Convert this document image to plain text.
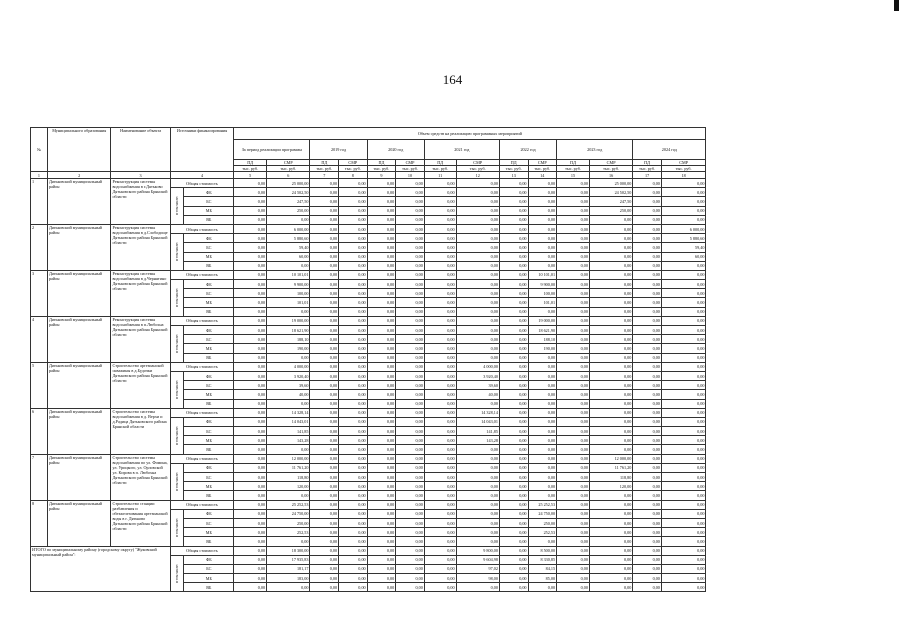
164
№	Муниципального образования	Наименование объекта	Источники финансирования		Объем средств на реализацию программных мероприятий													
					За период реализации программы		2019 год		2020 год		2021 год		2022 год		2023 год		2024 год	
					ПД	СМР	ПД	СМР	ПД	СМР	ПД	СМР	ПД	СМР	ПД	СМР	ПД	СМР
					тыс. руб.	тыс. руб.	тыс. руб.	тыс. руб.	тыс. руб.	тыс. руб.	тыс. руб.	тыс. руб.	тыс. руб.	тыс. руб.	тыс. руб.	тыс. руб.	тыс. руб.	тыс. руб.
1	2	3	4		5	6	7	8	9	10	11	12	13	14	15	16	17	18
1	Дятьковский муниципальный район	Реконструкция системы водоснабжения в г.Дятьково Дятьковского района Брянской области	Общая стоимость		0,00	25 000,00	0,00	0,00	0,00	0,00	0,00	0,00	0,00	0,00	0,00	25 000,00	0,00	0,00
			в том числе:	ФБ	0,00	24 502,50	0,00	0,00	0,00	0,00	0,00	0,00	0,00	0,00	0,00	24 502,50	0,00	0,00
				БС	0,00	247,50	0,00	0,00	0,00	0,00	0,00	0,00	0,00	0,00	0,00	247,50	0,00	0,00
				МБ	0,00	250,00	0,00	0,00	0,00	0,00	0,00	0,00	0,00	0,00	0,00	250,00	0,00	0,00
				ВБ	0,00	0,00	0,00	0,00	0,00	0,00	0,00	0,00	0,00	0,00	0,00	0,00	0,00	0,00
2	Дятьковский муниципальный район	Реконструкция системы водоснабжения в д.Слободище Дятьковского района Брянской области	Общая стоимость		0,00	6 000,00	0,00	0,00	0,00	0,00	0,00	0,00	0,00	0,00	0,00	0,00	0,00	6 000,00
			в том числе:	ФБ	0,00	5 880,60	0,00	0,00	0,00	0,00	0,00	0,00	0,00	0,00	0,00	0,00	0,00	5 880,60
				БС	0,00	59,40	0,00	0,00	0,00	0,00	0,00	0,00	0,00	0,00	0,00	0,00	0,00	59,40
				МБ	0,00	60,00	0,00	0,00	0,00	0,00	0,00	0,00	0,00	0,00	0,00	0,00	0,00	60,00
				ВБ	0,00	0,00	0,00	0,00	0,00	0,00	0,00	0,00	0,00	0,00	0,00	0,00	0,00	0,00
3	Дятьковский муниципальный район	Реконструкция системы водоснабжения в д.Чернятино Дятьковского района Брянской области	Общая стоимость		0,00	10 101,01	0,00	0,00	0,00	0,00	0,00	0,00	0,00	10 101,01	0,00	0,00	0,00	0,00
			в том числе:	ФБ	0,00	9 900,00	0,00	0,00	0,00	0,00	0,00	0,00	0,00	9 900,00	0,00	0,00	0,00	0,00
				БС	0,00	100,00	0,00	0,00	0,00	0,00	0,00	0,00	0,00	100,00	0,00	0,00	0,00	0,00
				МБ	0,00	101,01	0,00	0,00	0,00	0,00	0,00	0,00	0,00	101,01	0,00	0,00	0,00	0,00
				ВБ	0,00	0,00	0,00	0,00	0,00	0,00	0,00	0,00	0,00	0,00	0,00	0,00	0,00	0,00
4	Дятьковский муниципальный район	Реконструкция системы водоснабжения в п.Любохна Дятьковского района Брянской области	Общая стоимость		0,00	19 000,00	0,00	0,00	0,00	0,00	0,00	0,00	0,00	19 000,00	0,00	0,00	0,00	0,00
			в том числе:	ФБ	0,00	18 621,90	0,00	0,00	0,00	0,00	0,00	0,00	0,00	18 621,90	0,00	0,00	0,00	0,00
				БС	0,00	188,10	0,00	0,00	0,00	0,00	0,00	0,00	0,00	188,10	0,00	0,00	0,00	0,00
				МБ	0,00	190,00	0,00	0,00	0,00	0,00	0,00	0,00	0,00	190,00	0,00	0,00	0,00	0,00
				ВБ	0,00	0,00	0,00	0,00	0,00	0,00	0,00	0,00	0,00	0,00	0,00	0,00	0,00	0,00
5	Дятьковский муниципальный район	Строительство артезианской скважины в д.Будочки Дятьковского района Брянской области	Общая стоимость		0,00	4 000,00	0,00	0,00	0,00	0,00	0,00	4 000,00	0,00	0,00	0,00	0,00	0,00	0,00
			в том числе:	ФБ	0,00	3 920,40	0,00	0,00	0,00	0,00	0,00	3 920,40	0,00	0,00	0,00	0,00	0,00	0,00
				БС	0,00	39,60	0,00	0,00	0,00	0,00	0,00	39,60	0,00	0,00	0,00	0,00	0,00	0,00
				МБ	0,00	40,00	0,00	0,00	0,00	0,00	0,00	40,00	0,00	0,00	0,00	0,00	0,00	0,00
				ВБ	0,00	0,00	0,00	0,00	0,00	0,00	0,00	0,00	0,00	0,00	0,00	0,00	0,00	0,00
6	Дятьковский муниципальный район	Строительство системы водоснабжения в д. Верхи и д.Радица Дятьковского района Брянской области	Общая стоимость		0,00	14 328,14	0,00	0,00	0,00	0,00	0,00	14 328,14	0,00	0,00	0,00	0,00	0,00	0,00
			в том числе:	ФБ	0,00	14 043,01	0,00	0,00	0,00	0,00	0,00	14 043,01	0,00	0,00	0,00	0,00	0,00	0,00
				БС	0,00	141,85	0,00	0,00	0,00	0,00	0,00	141,85	0,00	0,00	0,00	0,00	0,00	0,00
				МБ	0,00	143,28	0,00	0,00	0,00	0,00	0,00	143,28	0,00	0,00	0,00	0,00	0,00	0,00
				ВБ	0,00	0,00	0,00	0,00	0,00	0,00	0,00	0,00	0,00	0,00	0,00	0,00	0,00	0,00
7	Дятьковский муниципальный район	Строительство системы водоснабжения по ул. Фомина, ул. Урицкого, ул. Орловской ул. Кирова в п. Любохна Дятьковского района Брянской области	Общая стоимость		0,00	12 000,00	0,00	0,00	0,00	0,00	0,00	0,00	0,00	0,00	0,00	12 000,00	0,00	0,00
			в том числе:	ФБ	0,00	11 761,20	0,00	0,00	0,00	0,00	0,00	0,00	0,00	0,00	0,00	11 761,20	0,00	0,00
				БС	0,00	118,80	0,00	0,00	0,00	0,00	0,00	0,00	0,00	0,00	0,00	118,80	0,00	0,00
				МБ	0,00	120,00	0,00	0,00	0,00	0,00	0,00	0,00	0,00	0,00	0,00	120,00	0,00	0,00
				ВБ	0,00	0,00	0,00	0,00	0,00	0,00	0,00	0,00	0,00	0,00	0,00	0,00	0,00	0,00
8	Дятьковский муниципальный район	Строительство станции разбавления и обезжелезивания артезианской воды в г. Дятьково Дятьковского района Брянской области	Общая стоимость		0,00	25 252,53	0,00	0,00	0,00	0,00	0,00	0,00	0,00	25 252,53	0,00	0,00	0,00	0,00
			в том числе:	ФБ	0,00	24 750,00	0,00	0,00	0,00	0,00	0,00	0,00	0,00	24 750,00	0,00	0,00	0,00	0,00
				БС	0,00	250,00	0,00	0,00	0,00	0,00	0,00	0,00	0,00	250,00	0,00	0,00	0,00	0,00
				МБ	0,00	252,53	0,00	0,00	0,00	0,00	0,00	0,00	0,00	252,53	0,00	0,00	0,00	0,00
				ВБ	0,00	0,00	0,00	0,00	0,00	0,00	0,00	0,00	0,00	0,00	0,00	0,00	0,00	0,00
ИТОГО по муниципальному району (городскому округу) "Жуковский муниципальный район":			Общая стоимость		0,00	18 300,00	0,00	0,00	0,00	0,00	0,00	9 800,00	0,00	8 500,00	0,00	0,00	0,00	0,00
			в том числе:	ФБ	0,00	17 935,83	0,00	0,00	0,00	0,00	0,00	9 604,98	0,00	8 330,85	0,00	0,00	0,00	0,00
				БС	0,00	181,17	0,00	0,00	0,00	0,00	0,00	97,02	0,00	84,15	0,00	0,00	0,00	0,00
				МБ	0,00	183,00	0,00	0,00	0,00	0,00	0,00	98,00	0,00	85,00	0,00	0,00	0,00	0,00
				ВБ	0,00	0,00	0,00	0,00	0,00	0,00	0,00	0,00	0,00	0,00	0,00	0,00	0,00	0,00
